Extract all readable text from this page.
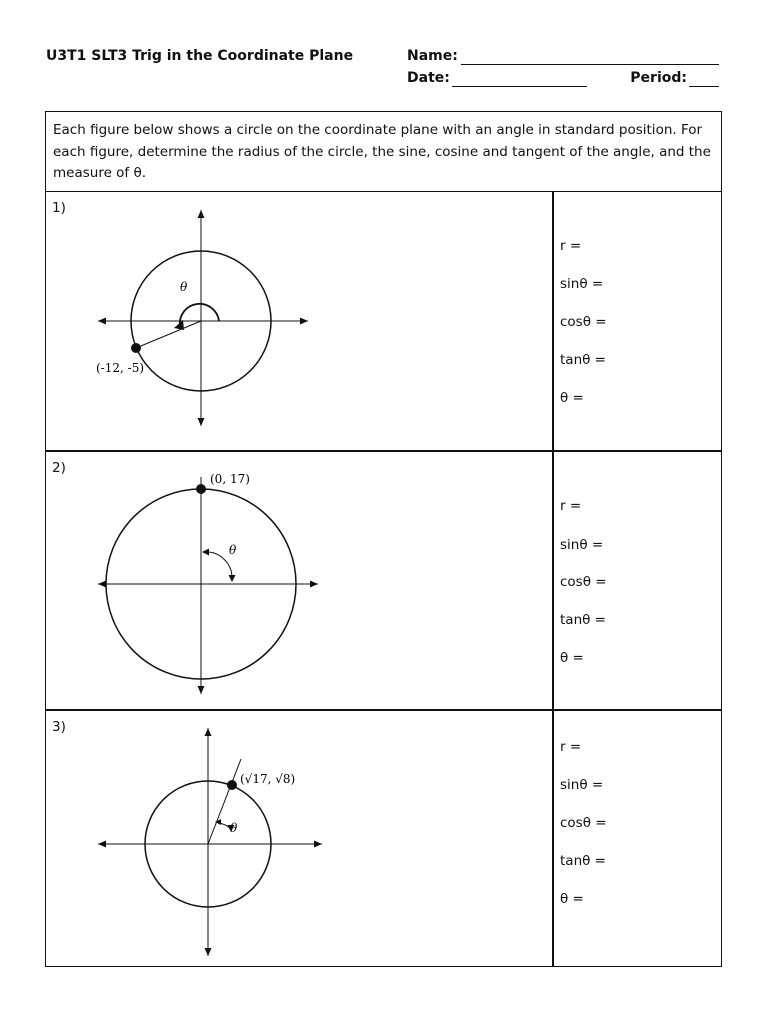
U3T1 SLT3 Trig in the Coordinate Plane	Name:
Date:	Period:
Each figure below shows a circle on the coordinate plane with an angle in standard position. For each figure, determine the radius of the circle, the sine, cosine and tangent of the angle, and the measure of θ.
1)
θ
(-12, -5)
r =
sinθ =
cosθ =
tanθ =
θ =
2)
θ
(0, 17)
r =
sinθ =
cosθ =
tanθ =
θ =
3)
θ
(√17, √8)
r =
sinθ =
cosθ =
tanθ =
θ =
